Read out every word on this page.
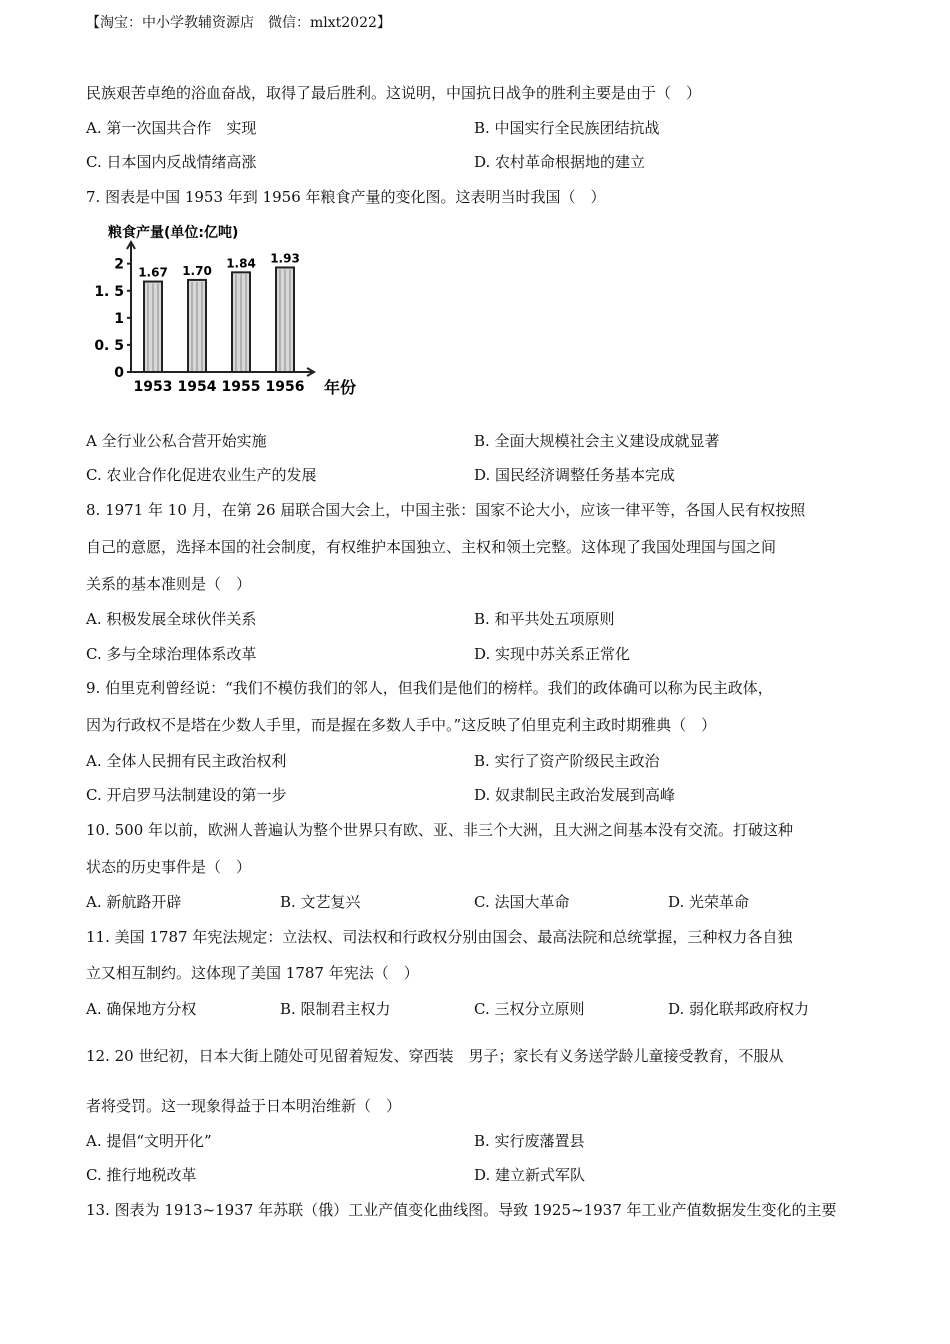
【淘宝：中小学教辅资源店　微信：mlxt2022】
民族艰苦卓绝的浴血奋战，取得了最后胜利。这说明，中国抗日战争的胜利主要是由于（　）
A. 第一次国共合作　实现	B. 中国实行全民族团结抗战
C. 日本国内反战情绪高涨	D. 农村革命根据地的建立
7. 图表是中国 1953 年到 1956 年粮食产量的变化图。这表明当时我国（　）
粮食产量(单位:亿吨)
0
0. 5
1
1. 5
2 1.67
1953
1.70
1954
1.84
1955
1.93
1956 年份
A 全行业公私合营开始实施	B. 全面大规模社会主义建设成就显著
C. 农业合作化促进农业生产的发展	D. 国民经济调整任务基本完成
8. 1971 年 10 月，在第 26 届联合国大会上，中国主张：国家不论大小，应该一律平等，各国人民有权按照
自己的意愿，选择本国的社会制度，有权维护本国独立、主权和领土完整。这体现了我国处理国与国之间
关系的基本准则是（　）
A. 积极发展全球伙伴关系	B. 和平共处五项原则
C. 多与全球治理体系改革	D. 实现中苏关系正常化
9. 伯里克利曾经说：“我们不模仿我们的邻人，但我们是他们的榜样。我们的政体确可以称为民主政体，
因为行政权不是塔在少数人手里，而是握在多数人手中。”这反映了伯里克利主政时期雅典（　）
A. 全体人民拥有民主政治权利	B. 实行了资产阶级民主政治
C. 开启罗马法制建设的第一步	D. 奴隶制民主政治发展到高峰
10. 500 年以前，欧洲人普遍认为整个世界只有欧、亚、非三个大洲，且大洲之间基本没有交流。打破这种
状态的历史事件是（　）
A. 新航路开辟	B. 文艺复兴	C. 法国大革命	D. 光荣革命
11. 美国 1787 年宪法规定：立法权、司法权和行政权分别由国会、最高法院和总统掌握，三种权力各自独
立又相互制约。这体现了美国 1787 年宪法（　）
A. 确保地方分权	B. 限制君主权力	C. 三权分立原则	D. 弱化联邦政府权力
12. 20 世纪初，日本大街上随处可见留着短发、穿西装　男子；家长有义务送学龄儿童接受教育，不服从
者将受罚。这一现象得益于日本明治维新（　）
A. 提倡“文明开化”	B. 实行废藩置县
C. 推行地税改革	D. 建立新式军队
13. 图表为 1913~1937 年苏联（俄）工业产值变化曲线图。导致 1925~1937 年工业产值数据发生变化的主要
